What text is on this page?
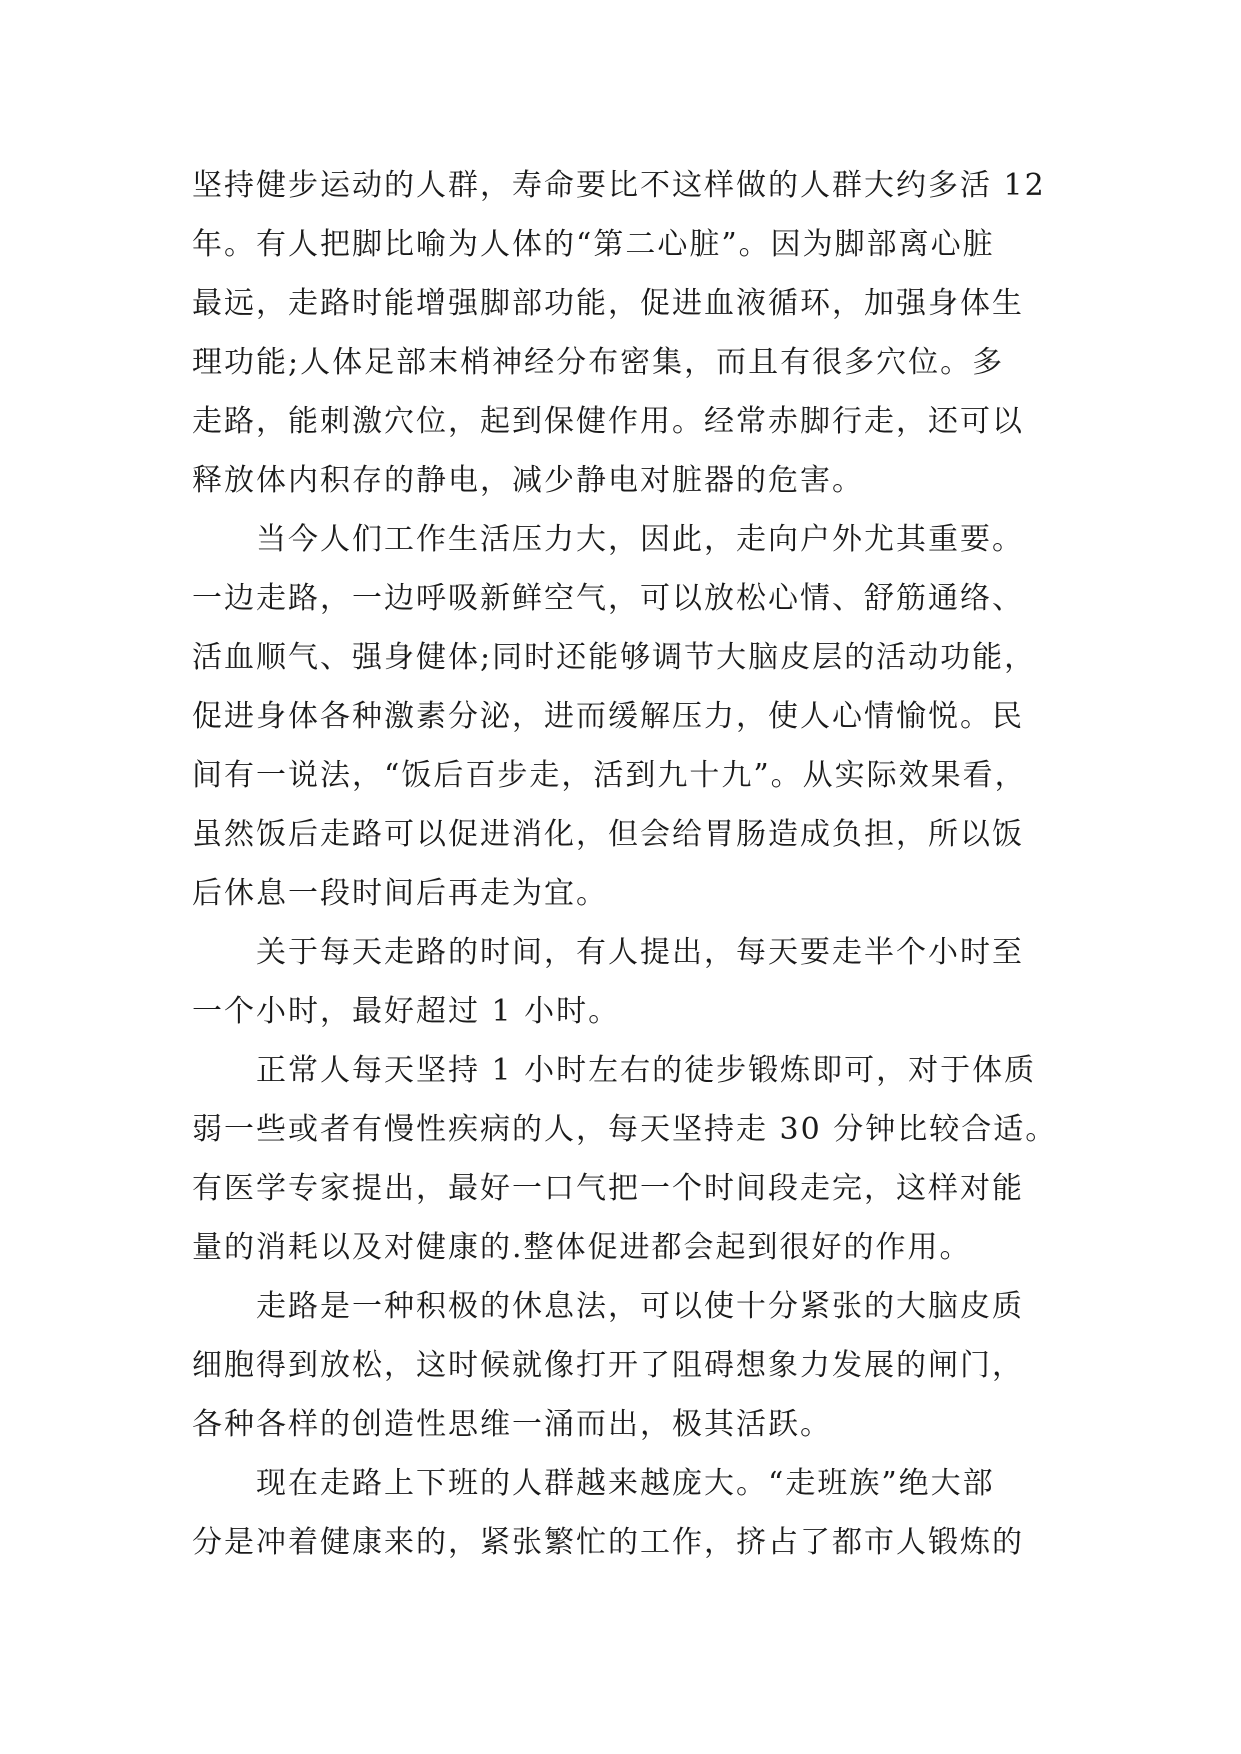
坚持健步运动的人群，寿命要比不这样做的人群大约多活 12
年。有人把脚比喻为人体的“第二心脏”。因为脚部离心脏
最远，走路时能增强脚部功能，促进血液循环，加强身体生
理功能;人体足部末梢神经分布密集，而且有很多穴位。多
走路，能刺激穴位，起到保健作用。经常赤脚行走，还可以
释放体内积存的静电，减少静电对脏器的危害。

当今人们工作生活压力大，因此，走向户外尤其重要。
一边走路，一边呼吸新鲜空气，可以放松心情、舒筋通络、
活血顺气、强身健体;同时还能够调节大脑皮层的活动功能，
促进身体各种激素分泌，进而缓解压力，使人心情愉悦。民
间有一说法，“饭后百步走，活到九十九”。从实际效果看，
虽然饭后走路可以促进消化，但会给胃肠造成负担，所以饭
后休息一段时间后再走为宜。

关于每天走路的时间，有人提出，每天要走半个小时至
一个小时，最好超过 1 小时。

正常人每天坚持 1 小时左右的徒步锻炼即可，对于体质
弱一些或者有慢性疾病的人，每天坚持走 30 分钟比较合适。
有医学专家提出，最好一口气把一个时间段走完，这样对能
量的消耗以及对健康的.整体促进都会起到很好的作用。

走路是一种积极的休息法，可以使十分紧张的大脑皮质
细胞得到放松，这时候就像打开了阻碍想象力发展的闸门，
各种各样的创造性思维一涌而出，极其活跃。

现在走路上下班的人群越来越庞大。“走班族”绝大部
分是冲着健康来的，紧张繁忙的工作，挤占了都市人锻炼的
